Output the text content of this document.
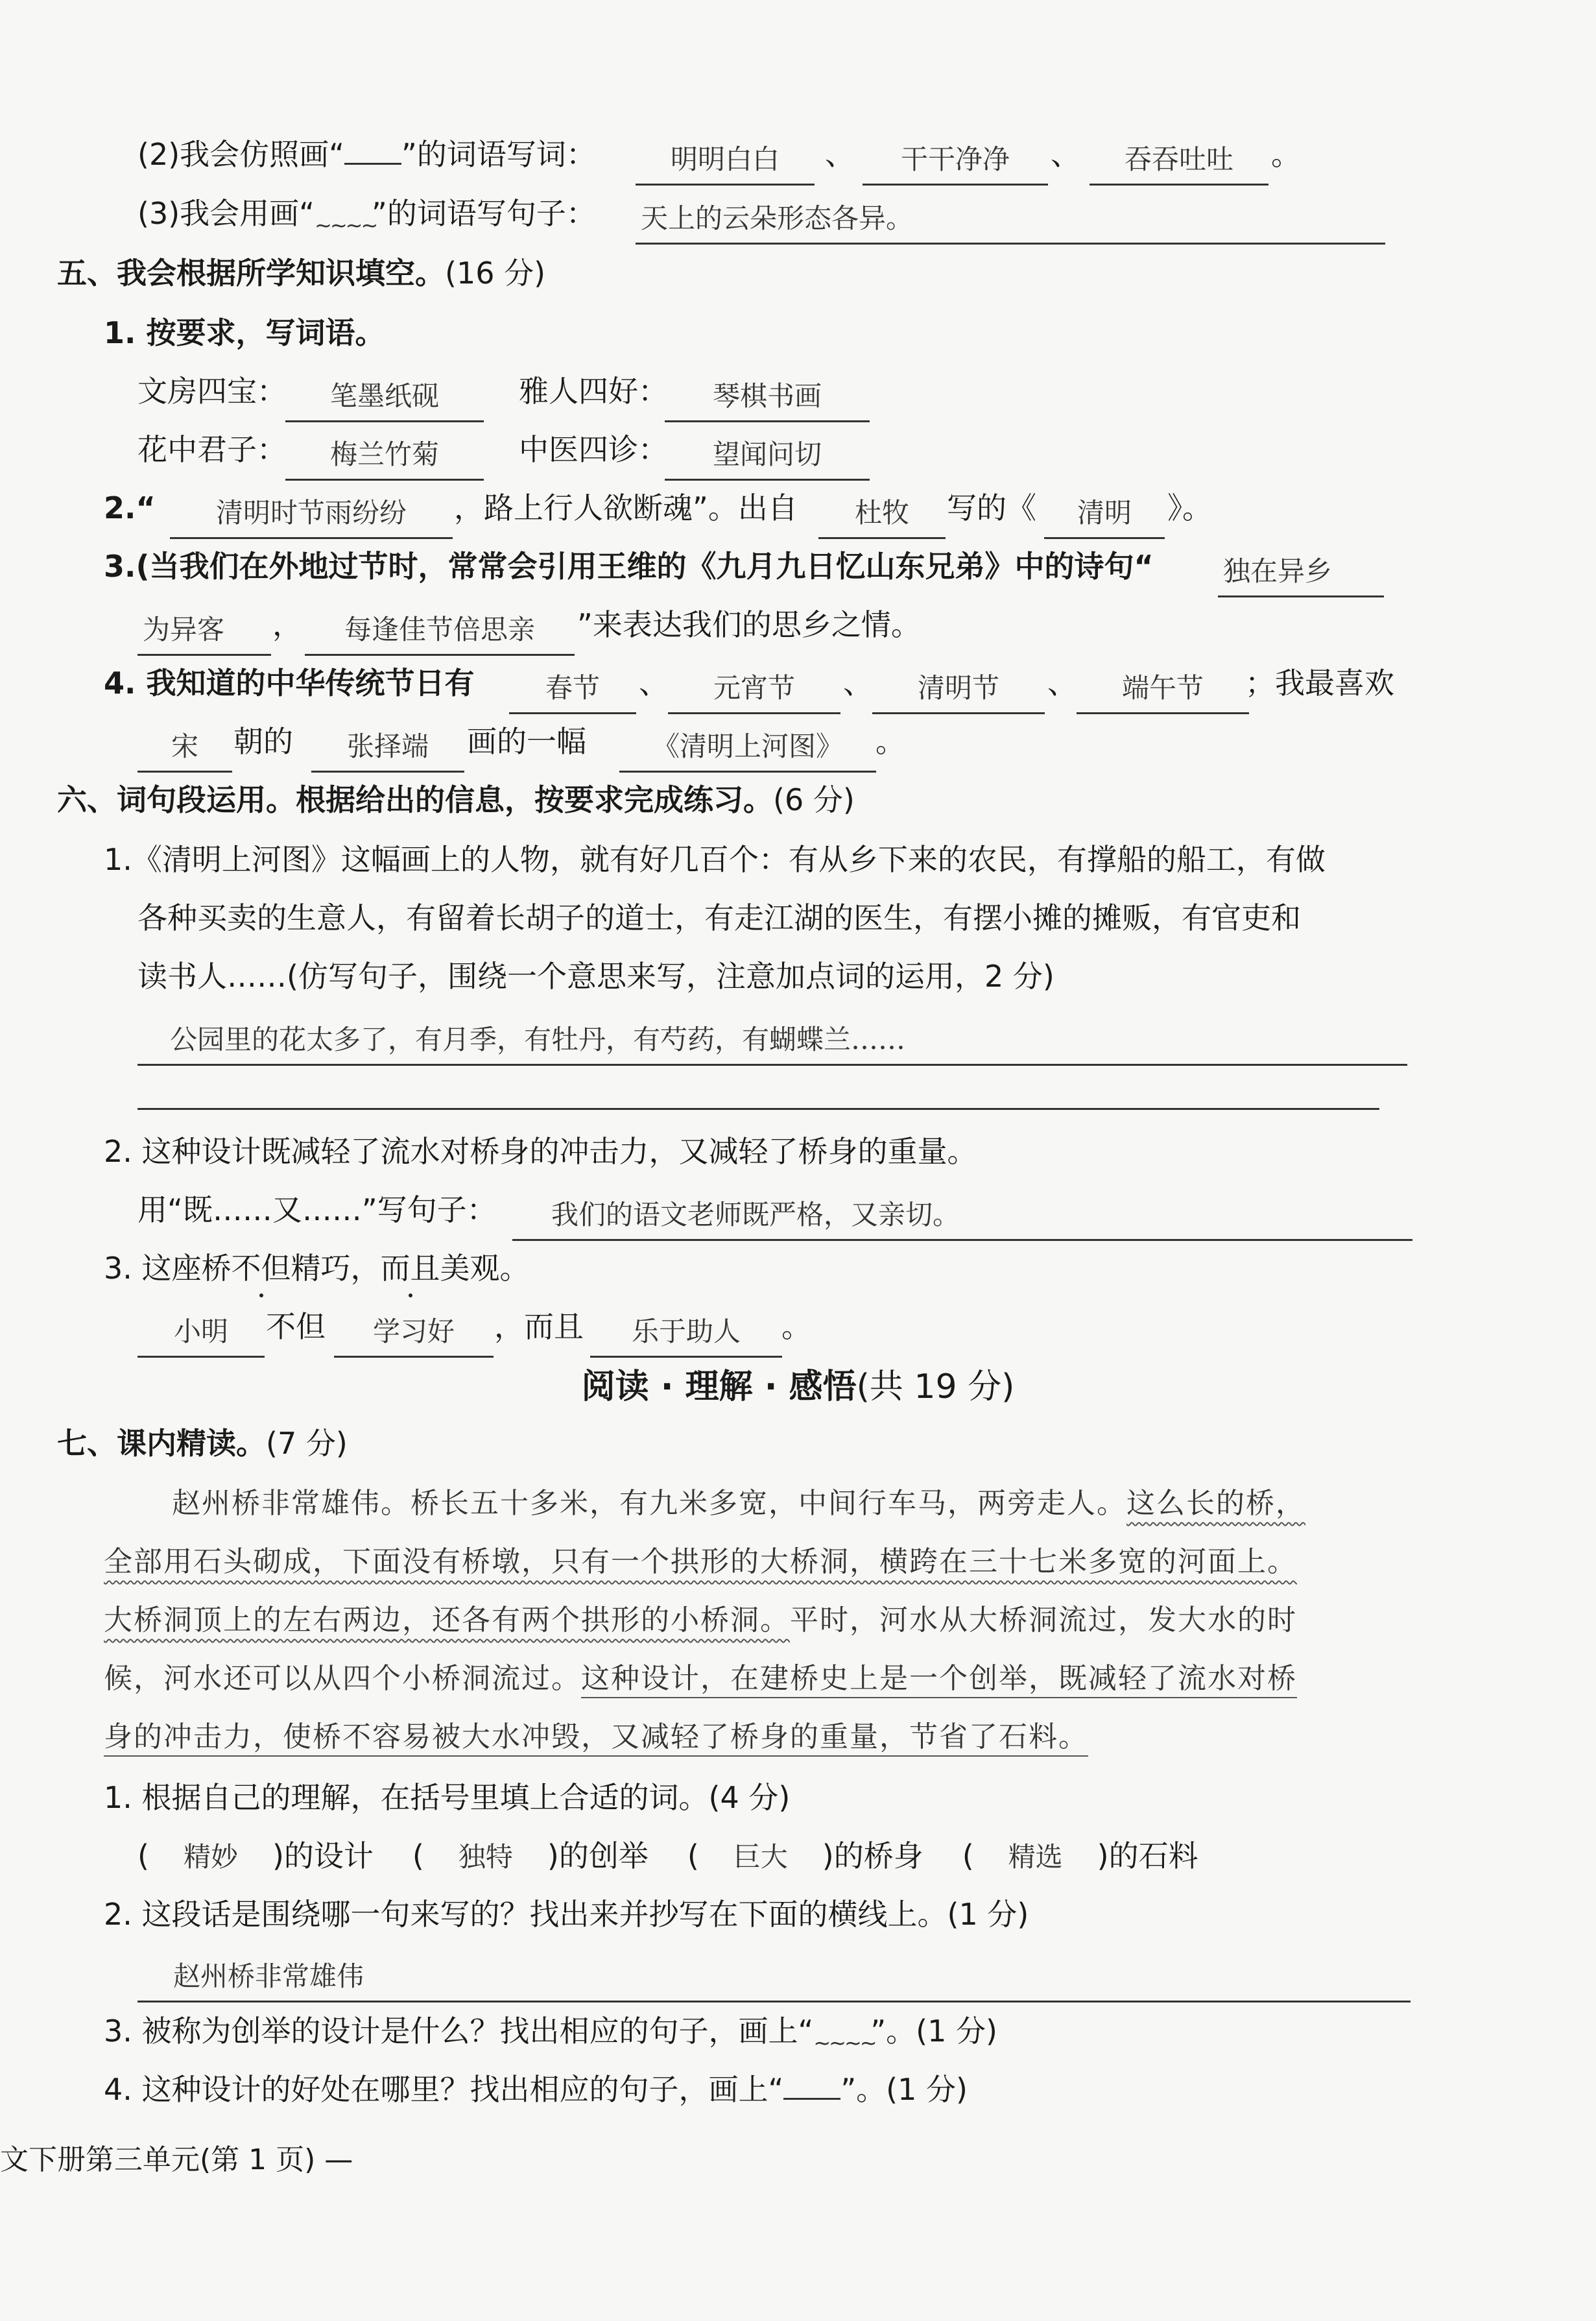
(2)我会仿照画“ ”的词语写词：	明明白白	、	干干净净	、	吞吞吐吐	。
(3)我会用画“ ~~~~ ”的词语写句子： 天上的云朵形态各异。
五、我会根据所学知识填空。(16 分)
1. 按要求，写词语。
文房四宝：	笔墨纸砚	雅人四好：	琴棋书画
花中君子：	梅兰竹菊	中医四诊：	望闻问切
2.“	清明时节雨纷纷	，路上行人欲断魂”。出自	杜牧	写的《	清明	》。
3.(当我们在外地过节时，常常会引用王维的《九月九日忆山东兄弟》中的诗句“	独在异乡
为异客	，	每逢佳节倍思亲	”来表达我们的思乡之情。
4. 我知道的中华传统节日有	春节	、	元宵节	、	清明节	、	端午节	；我最喜欢
宋	朝的	张择端	画的一幅	《清明上河图》	。
六、词句段运用。根据给出的信息，按要求完成练习。(6 分)
1.《清明上河图》这幅画上的人物，就有好几百个：有从乡下来的农民，有撑船的船工，有做
各种买卖的生意人，有留着长胡子的道士，有走江湖的医生，有摆小摊的摊贩，有官吏和
读书人……(仿写句子，围绕一个意思来写，注意加点词的运用，2 分)
公园里的花太多了，有月季，有牡丹，有芍药，有蝴蝶兰……
2. 这种设计既减轻了流水对桥身的冲击力，又减轻了桥身的重量。
用“既……又……”写句子：	我们的语文老师既严格，又亲切。
3. 这座桥不但精巧，而且美观。
小明	不但	学习好	，而且	乐于助人	。
阅读 · 理解 · 感悟(共 19 分)
七、课内精读。(7 分)
赵州桥非常雄伟。桥长五十多米，有九米多宽，中间行车马，两旁走人。这么长的桥，
全部用石头砌成，下面没有桥墩，只有一个拱形的大桥洞，横跨在三十七米多宽的河面上。
大桥洞顶上的左右两边，还各有两个拱形的小桥洞。平时，河水从大桥洞流过，发大水的时
候，河水还可以从四个小桥洞流过。这种设计，在建桥史上是一个创举，既减轻了流水对桥
身的冲击力，使桥不容易被大水冲毁，又减轻了桥身的重量，节省了石料。
1. 根据自己的理解，在括号里填上合适的词。(4 分)
( 精妙 )的设计 ( 独特 )的创举 ( 巨大 )的桥身 ( 精选 )的石料
2. 这段话是围绕哪一句来写的？找出来并抄写在下面的横线上。(1 分)
赵州桥非常雄伟
3. 被称为创举的设计是什么？找出相应的句子，画上“ ~~~~ ”。(1 分)
4. 这种设计的好处在哪里？找出相应的句子，画上“ ”。(1 分)
文下册第三单元(第 1 页) —
